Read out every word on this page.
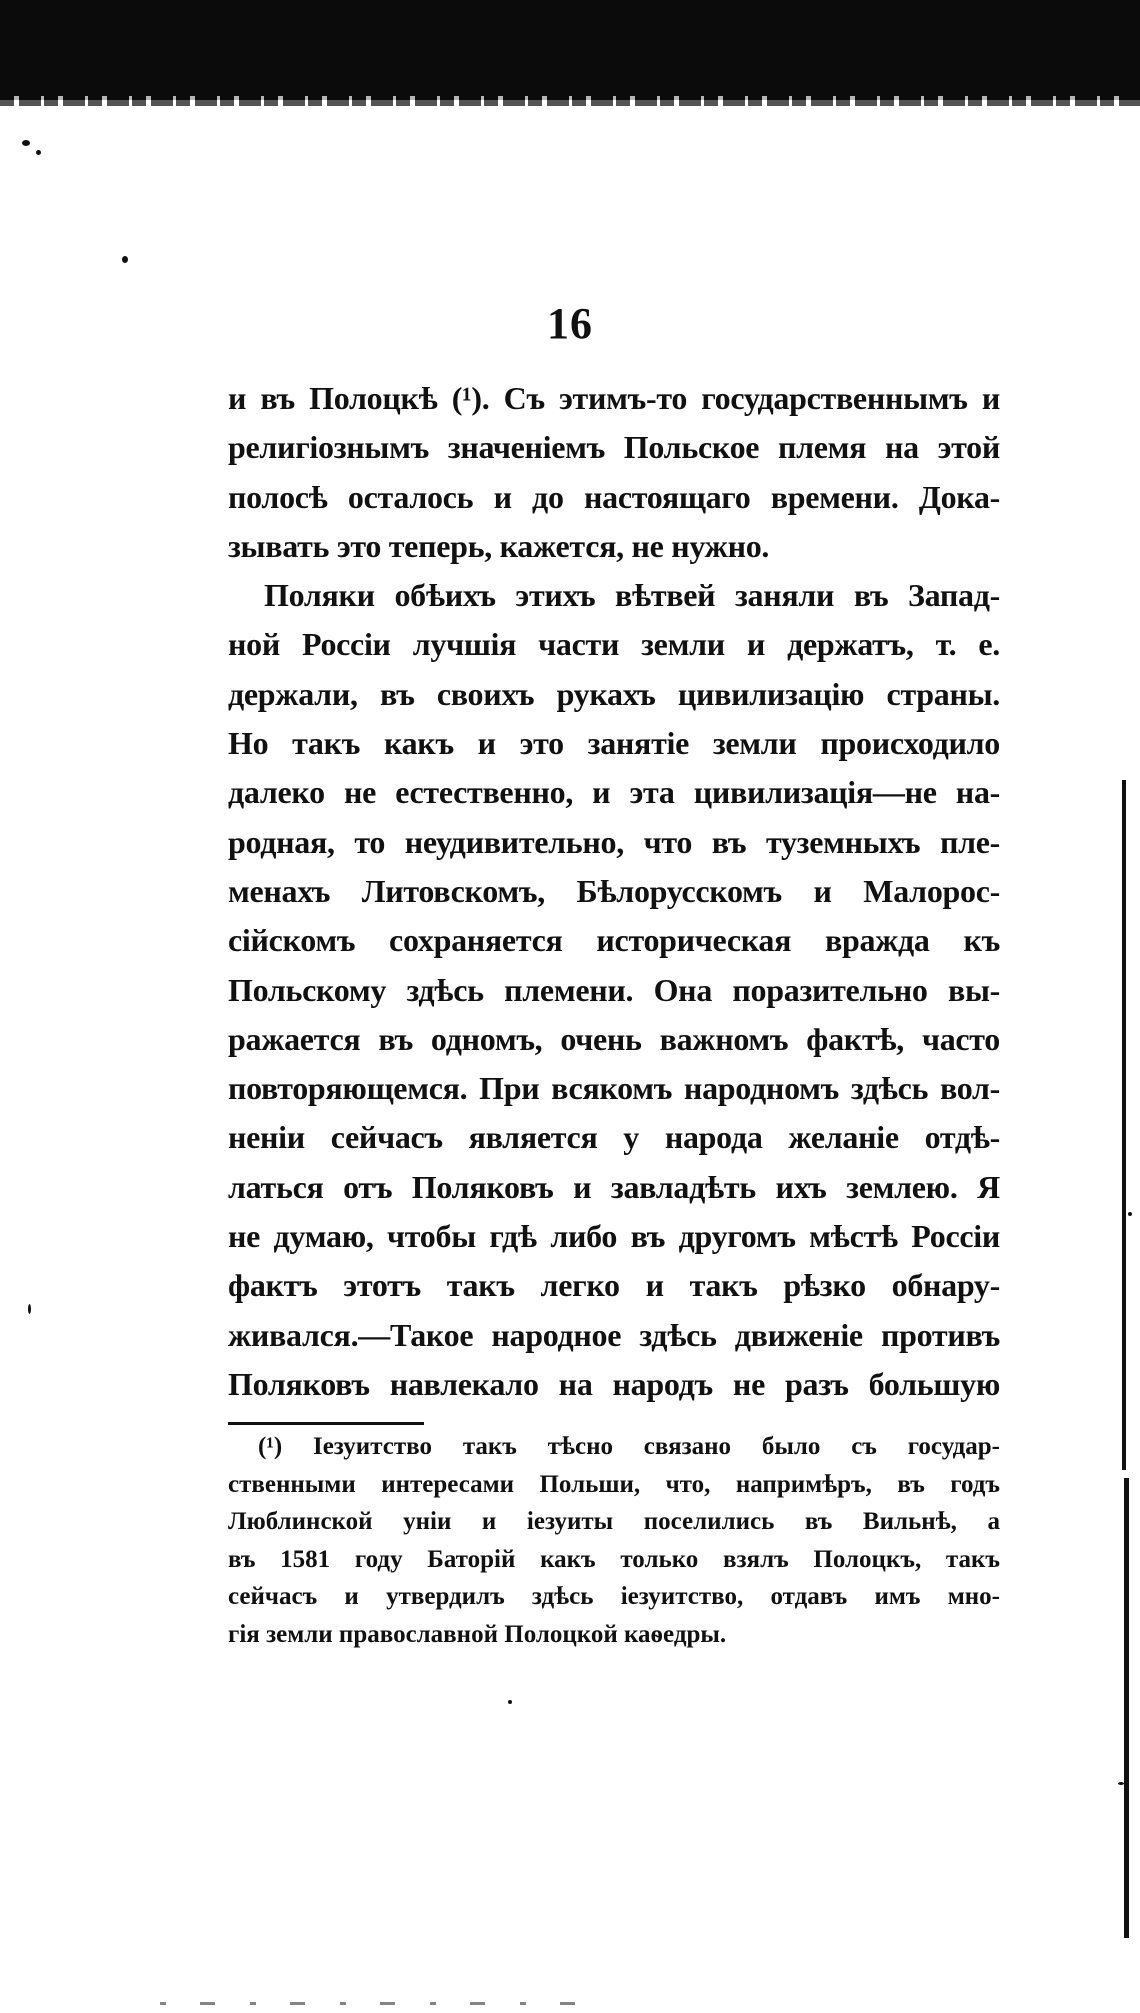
16
и въ Полоцкѣ (¹). Съ этимъ-то государственнымъ и
религіознымъ значеніемъ Польское племя на этой
полосѣ осталось и до настоящаго времени. Дока-
зывать это теперь, кажется, не нужно.
Поляки обѣихъ этихъ вѣтвей заняли въ Запад-
ной Россіи лучшія части земли и держатъ, т. е.
держали, въ своихъ рукахъ цивилизацію страны.
Но такъ какъ и это занятіе земли происходило
далеко не естественно, и эта цивилизація—не на-
родная, то неудивительно, что въ туземныхъ пле-
менахъ Литовскомъ, Бѣлорусскомъ и Малорос-
сійскомъ сохраняется историческая вражда къ
Польскому здѣсь племени. Она поразительно вы-
ражается въ одномъ, очень важномъ фактѣ, часто
повторяющемся. При всякомъ народномъ здѣсь вол-
неніи сейчасъ является у народа желаніе отдѣ-
латься отъ Поляковъ и завладѣть ихъ землею. Я
не думаю, чтобы гдѣ либо въ другомъ мѣстѣ Россіи
фактъ этотъ такъ легко и такъ рѣзко обнару-
живался.—Такое народное здѣсь движеніе противъ
Поляковъ навлекало на народъ не разъ большую
(¹) Іезуитство такъ тѣсно связано было съ государ-
ственными интересами Польши, что, напримѣръ, въ годъ
Люблинской уніи и іезуиты поселились въ Вильнѣ, а
въ 1581 году Баторій какъ только взялъ Полоцкъ, такъ
сейчасъ и утвердилъ здѣсь іезуитство, отдавъ имъ мно-
гія земли православной Полоцкой каѳедры.
